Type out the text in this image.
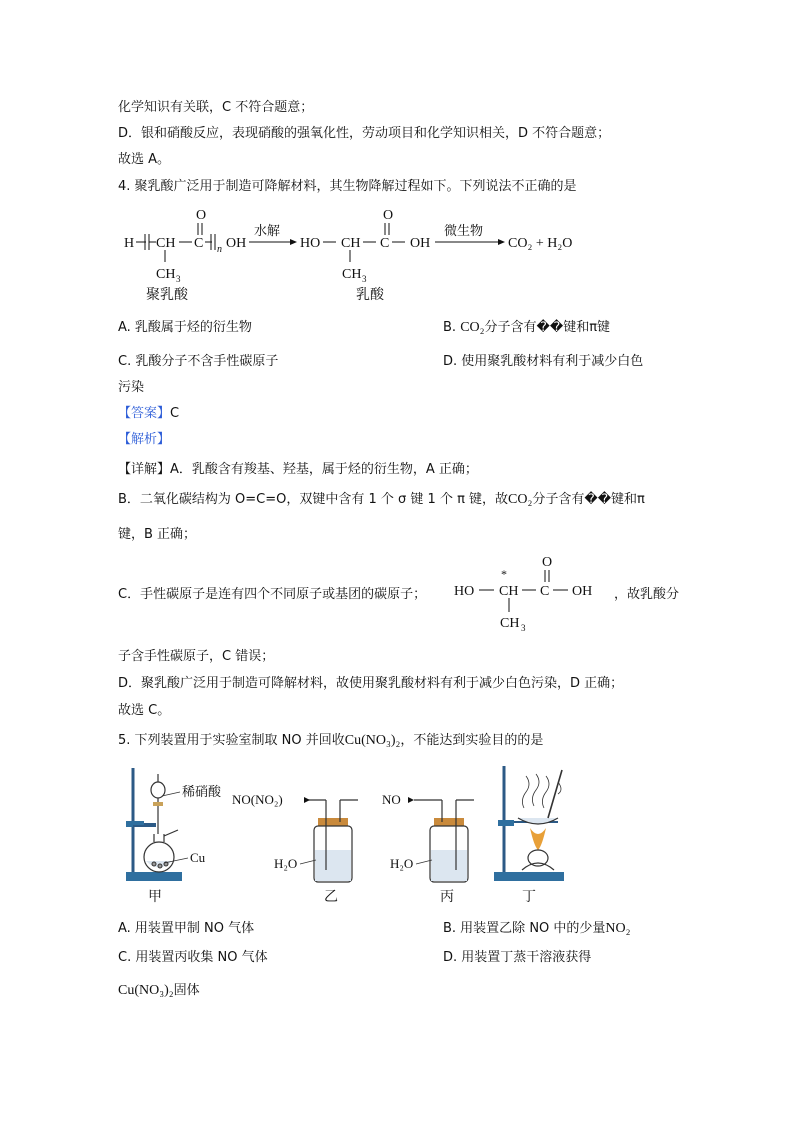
化学知识有关联，C 不符合题意；
D．银和硝酸反应，表现硝酸的强氧化性，劳动项目和化学知识相关，D 不符合题意；
故选 A。
4. 聚乳酸广泛用于制造可降解材料，其生物降解过程如下。下列说法不正确的是
H CH C
O
n OH
CH 3
HO CH C
O
OH
CH 3
水解	微生物
CO₂ + H₂O
聚乳酸	乳酸
A. 乳酸属于烃的衍生物	B. CO₂分子含有��键和π键
C. 乳酸分子不含手性碳原子	D. 使用聚乳酸材料有利于减少白色
污染
【答案】C
【解析】
【详解】A．乳酸含有羧基、羟基，属于烃的衍生物，A 正确；
B．二氧化碳结构为 O=C=O，双键中含有 1 个 σ 键 1 个 π 键，故CO₂分子含有��键和π
键，B 正确；
C．手性碳原子是连有四个不同原子或基团的碳原子； HO
*
CH C
O
OH
CH 3
，故乳酸分
子含手性碳原子，C 错误；
D．聚乳酸广泛用于制造可降解材料，故使用聚乳酸材料有利于减少白色污染，D 正确；
故选 C。
5. 下列装置用于实验室制取 NO 并回收Cu(NO₃)₂，不能达到实验目的的是
稀硝酸
Cu
NO(NO₂)
H₂O
NO
H₂O
甲	乙	丙	丁
A. 用装置甲制 NO 气体	B. 用装置乙除 NO 中的少量NO₂
C. 用装置丙收集 NO 气体	D. 用装置丁蒸干溶液获得
Cu(NO₃)₂固体
